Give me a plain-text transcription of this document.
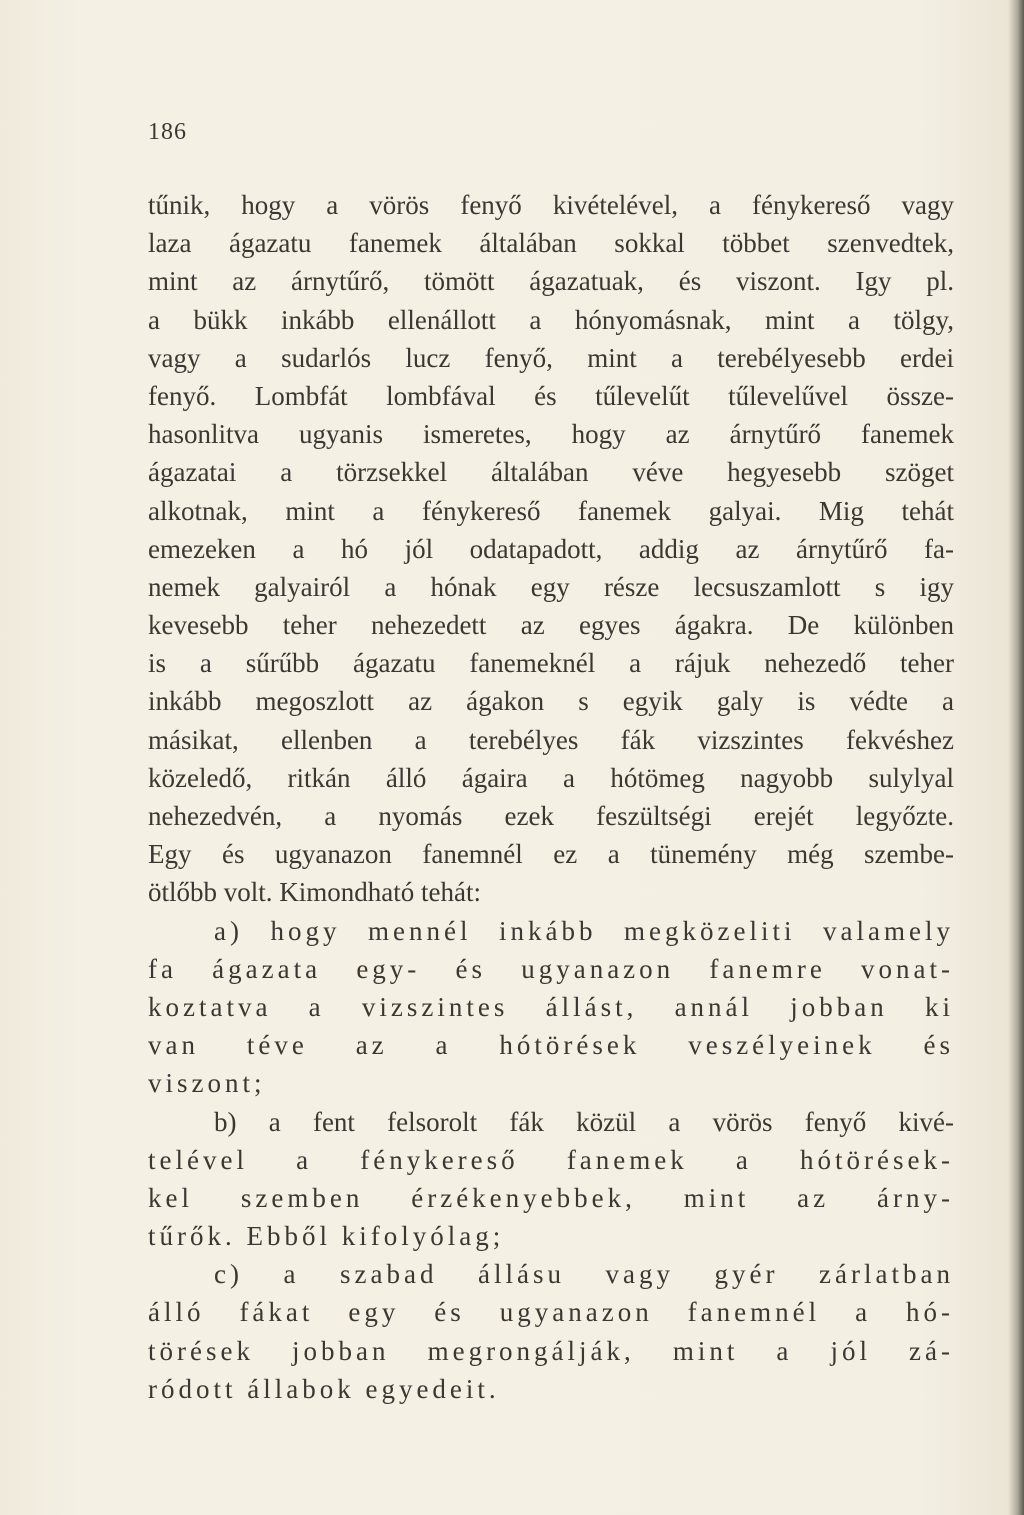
186
tűnik, hogy a vörös fenyő kivételével, a fénykereső vagy
laza ágazatu fanemek általában sokkal többet szenvedtek,
mint az árnytűrő, tömött ágazatuak, és viszont. Igy pl.
a bükk inkább ellenállott a hónyomásnak, mint a tölgy,
vagy a sudarlós lucz fenyő, mint a terebélyesebb erdei
fenyő. Lombfát lombfával és tűlevelűt tűlevelűvel össze-
hasonlitva ugyanis ismeretes, hogy az árnytűrő fanemek
ágazatai a törzsekkel általában véve hegyesebb szöget
alkotnak, mint a fénykereső fanemek galyai. Mig tehát
emezeken a hó jól odatapadott, addig az árnytűrő fa-
nemek galyairól a hónak egy része lecsuszamlott s igy
kevesebb teher nehezedett az egyes ágakra. De különben
is a sűrűbb ágazatu fanemeknél a rájuk nehezedő teher
inkább megoszlott az ágakon s egyik galy is védte a
másikat, ellenben a terebélyes fák vizszintes fekvéshez
közeledő, ritkán álló ágaira a hótömeg nagyobb sulylyal
nehezedvén, a nyomás ezek feszültségi erejét legyőzte.
Egy és ugyanazon fanemnél ez a tünemény még szembe-
ötlőbb volt. Kimondható tehát:
a) hogy mennél inkább megközeliti valamely
fa ágazata egy- és ugyanazon fanemre vonat-
koztatva a vizszintes állást, annál jobban ki
van téve az a hótörések veszélyeinek és
viszont;
b) a fent felsorolt fák közül a vörös fenyő kivé-
telével a fénykereső fanemek a hótörések-
kel szemben érzékenyebbek, mint az árny-
tűrők. Ebből kifolyólag;
c) a szabad állásu vagy gyér zárlatban
álló fákat egy és ugyanazon fanemnél a hó-
törések jobban megrongálják, mint a jól zá-
ródott állabok egyedeit.
